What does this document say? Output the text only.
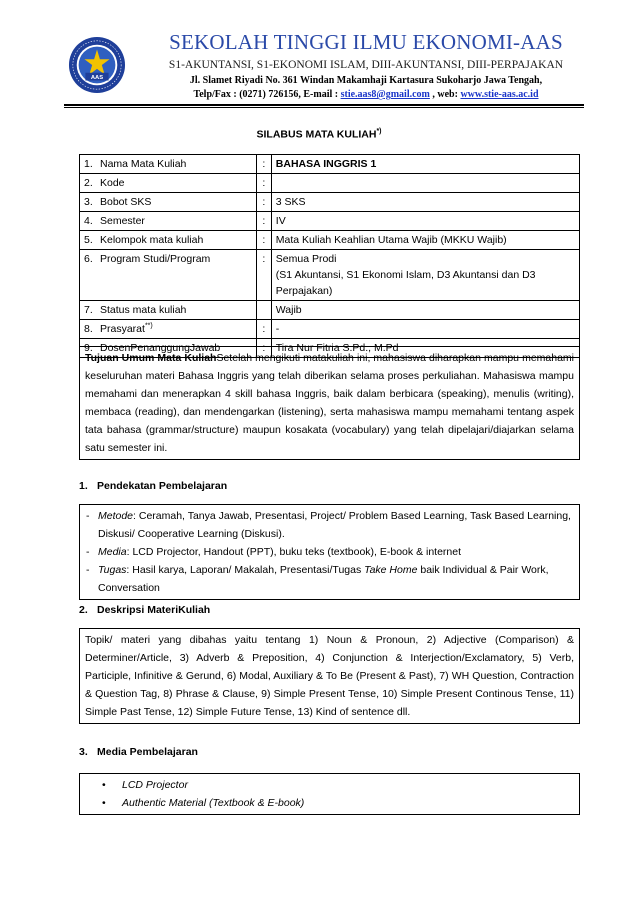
AAS
SEKOLAH TINGGI ILMU EKONOMI-AAS
S1-AKUNTANSI, S1-EKONOMI ISLAM, DIII-AKUNTANSI, DIII-PERPAJAKAN
Jl. Slamet Riyadi No. 361 Windan Makamhaji Kartasura Sukoharjo Jawa Tengah,
Telp/Fax : (0271) 726156, E-mail : stie.aas8@gmail.com , web: www.stie-aas.ac.id
SILABUS MATA KULIAH*)
1. Nama Mata Kuliah	:	BAHASA INGGRIS 1
2. Kode	:	
3. Bobot SKS	:	3 SKS
4. Semester	:	IV
5. Kelompok mata kuliah	:	Mata Kuliah Keahlian Utama Wajib (MKKU Wajib)
6. Program Studi/Program	:	Semua Prodi
(S1 Akuntansi, S1 Ekonomi Islam, D3 Akuntansi dan D3 Perpajakan)

7. Status mata kuliah		Wajib
8. Prasyarat**)	:	-
9. DosenPenanggungJawab	:	Tira Nur Fitria S.Pd., M.Pd
Tujuan Umum Mata KuliahSetelah mengikuti matakuliah ini, mahasiswa diharapkan mampu memahami keseluruhan materi Bahasa Inggris yang telah diberikan selama proses perkuliahan. Mahasiswa mampu memahami dan menerapkan 4 skill bahasa Inggris, baik dalam berbicara (speaking), menulis (writing), membaca (reading), dan mendengarkan (listening), serta mahasiswa mampu memahami tentang aspek tata bahasa (grammar/structure) maupun kosakata (vocabulary) yang telah dipelajari/diajarkan selama satu semester ini.
1. Pendekatan Pembelajaran
- Metode: Ceramah, Tanya Jawab, Presentasi, Project/ Problem Based Learning, Task Based Learning, Diskusi/ Cooperative Learning (Diskusi).
- Media: LCD Projector, Handout (PPT), buku teks (textbook), E-book & internet
- Tugas: Hasil karya, Laporan/ Makalah, Presentasi/Tugas Take Home baik Individual & Pair Work, Conversation
2. Deskripsi MateriKuliah
Topik/ materi yang dibahas yaitu tentang 1) Noun & Pronoun, 2) Adjective (Comparison) & Determiner/Article, 3) Adverb & Preposition, 4) Conjunction & Interjection/Exclamatory, 5) Verb, Participle, Infinitive & Gerund, 6) Modal, Auxiliary & To Be (Present & Past), 7) WH Question, Contraction & Question Tag, 8) Phrase & Clause, 9) Simple Present Tense, 10) Simple Present Continous Tense, 11) Simple Past Tense, 12) Simple Future Tense, 13) Kind of sentence dll.
3. Media Pembelajaran
• LCD Projector
• Authentic Material (Textbook & E-book)
